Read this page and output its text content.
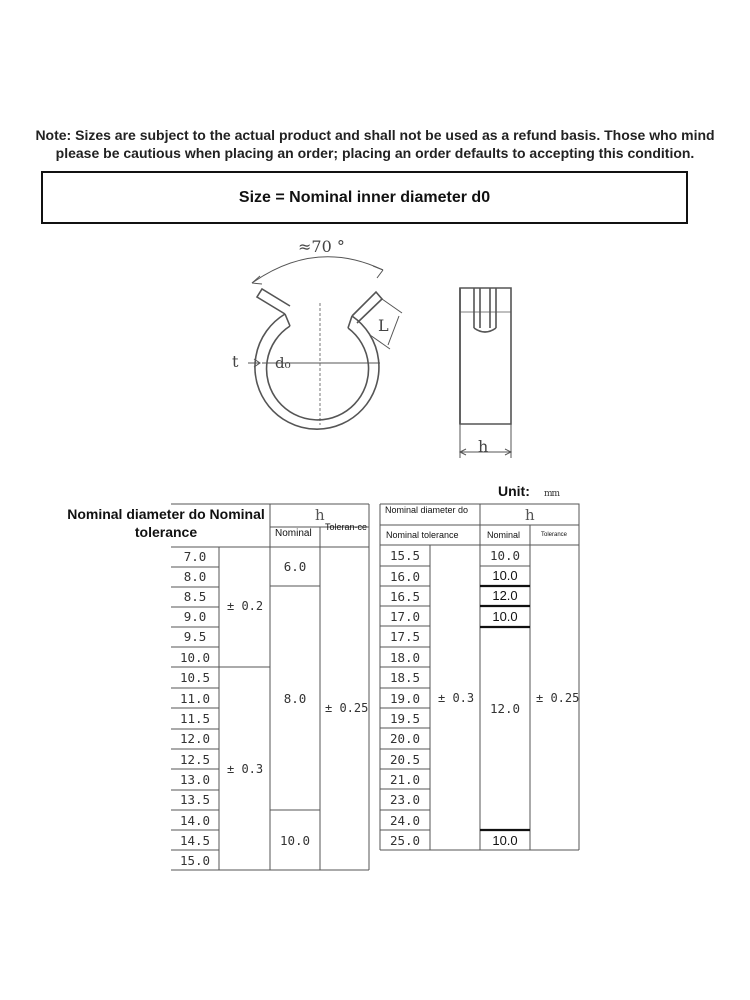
Note: Sizes are subject to the actual product and shall not be used as a refund basis. Those who mind
please be cautious when placing an order; placing an order defaults to accepting this condition.
Size = Nominal inner diameter d0
≈70 °
L
t d₀
h
Unit: mm
Nominal diameter do Nominal tolerance	Nominal
Toleran-ce
h
7.0
8.0
8.5
9.0
9.5
10.0
10.5
11.0
11.5
12.0
12.5
13.0
13.5
14.0
14.5
15.0
± 0.2
± 0.3
6.0
8.0
10.0
± 0.25
Nominal diameter do
Nominal tolerance
h
Nominal	Tolerance
15.5
16.0
16.5
17.0
17.5
18.0
18.5
19.0
19.5
20.0
20.5
21.0
23.0
24.0
25.0
± 0.3
10.0
10.0
12.0
10.0
12.0
10.0
± 0.25
